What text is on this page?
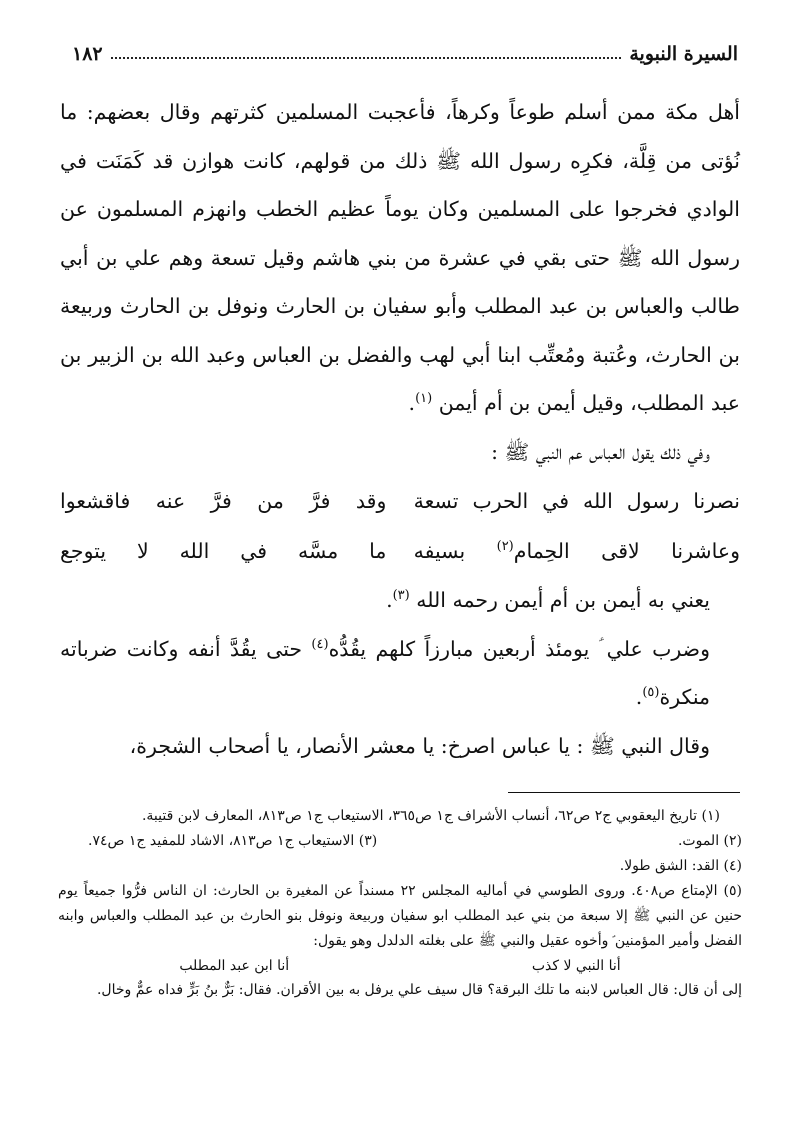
السيرة النبوية
١٨٢

أهل مكة ممن أسلم طوعاً وكرهاً، فأعجبت المسلمين كثرتهم وقال بعضهم: ما نُؤتى من قِلَّة، فكرِه رسول الله ﷺ ذلك من قولهم، كانت هوازن قد كَمَنَت في الوادي فخرجوا على المسلمين وكان يوماً عظيم الخطب وانهزم المسلمون عن رسول الله ﷺ حتى بقي في عشرة من بني هاشم وقيل تسعة وهم علي بن أبي طالب والعباس بن عبد المطلب وأبو سفيان بن الحارث ونوفل بن الحارث وربيعة بن الحارث، وعُتبة ومُعتِّب ابنا أبي لهب والفضل بن العباس وعبد الله بن الزبير بن عبد المطلب، وقيل أيمن بن أم أيمن $^{(١)}$.

وفي ذلك يقول العباس عم النبي ﷺ :

نصرنا رسول الله في الحرب تسعة
وقد فرَّ من فرَّ عنه فاقشعوا
وعاشرنا لاقى الحِمام$^{(٢)}$ بسيفه
ما مسَّه في الله لا يتوجع

يعني به أيمن بن أم أيمن رحمه الله $^{(٣)}$.

وضرب علي ؑ يومئذ أربعين مبارزاً كلهم يقُدُّه$^{(٤)}$ حتى يقُدَّ أنفه وكانت ضرباته منكرة$^{(٥)}$.

وقال النبي ﷺ : يا عباس اصرخ: يا معشر الأنصار، يا أصحاب الشجرة،

(١) تاريخ اليعقوبي ج٢ ص٦٢، أنساب الأشراف ج١ ص٣٦٥، الاستيعاب ج١ ص٨١٣، المعارف لابن قتيبة.

(٢) الموت.
(٣) الاستيعاب ج١ ص٨١٣، الاشاد للمفيد ج١ ص٧٤.

(٤) القد: الشق طولا.

(٥) الإمتاع ص٤٠٨. وروى الطوسي في أماليه المجلس ٢٢ مسنداً عن المغيرة بن الحارث: ان الناس فرُّوا جميعاً يوم حنين عن النبي ﷺ إلا سبعة من بني عبد المطلب ابو سفيان وربيعة ونوفل بنو الحارث بن عبد المطلب والعباس وابنه الفضل وأمير المؤمنين ؑ وأخوه عقيل والنبي ﷺ على بغلته الدلدل وهو يقول:

أنا النبي لا كذب
أنا ابن عبد المطلب

إلى أن قال: قال العباس لابنه ما تلك البرقة؟ قال سيف علي يرفل به بين الأقران. فقال: بَرٌّ بنُ بَرٍّ فداه عمٌّ وخال.
